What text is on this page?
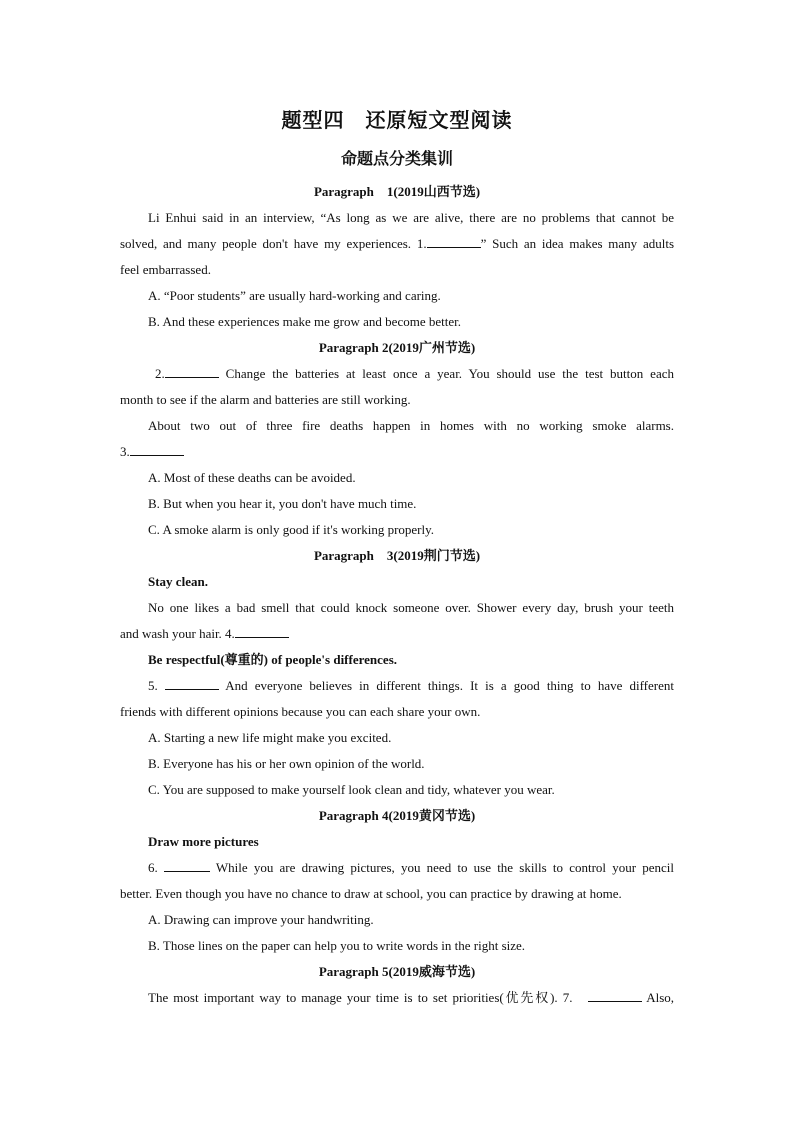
题型四　还原短文型阅读
命题点分类集训
Paragraph　1(2019山西节选)
Li Enhui said in an interview, “As long as we are alive, there are no problems that cannot be
solved, and many people don't have my experiences. 1.	” Such an idea makes many adults
feel embarrassed.
A. “Poor students” are usually hard-working and caring.
B. And these experiences make me grow and become better.
Paragraph 2(2019广州节选)
2.	Change the batteries at least once a year. You should use the test button each
month to see if the alarm and batteries are still working.
About two out of three fire deaths happen in homes with no working smoke alarms.
3.
A. Most of these deaths can be avoided.
B. But when you hear it, you don't have much time.
C. A smoke alarm is only good if it's working properly.
Paragraph　3(2019荆门节选)
Stay clean.
No one likes a bad smell that could knock someone over. Shower every day, brush your teeth
and wash your hair. 4.
Be respectful(尊重的) of people's differences.
5.	And everyone believes in different things. It is a good thing to have different
friends with different opinions because you can each share your own.
A. Starting a new life might make you excited.
B. Everyone has his or her own opinion of the world.
C. You are supposed to make yourself look clean and tidy, whatever you wear.
Paragraph 4(2019黄冈节选)
Draw more pictures
6.	While you are drawing pictures, you need to use the skills to control your pencil
better. Even though you have no chance to draw at school, you can practice by drawing at home.
A. Drawing can improve your handwriting.
B. Those lines on the paper can help you to write words in the right size.
Paragraph 5(2019威海节选)
The most important way to manage your time is to set priorities(优先权). 7.	Also,
